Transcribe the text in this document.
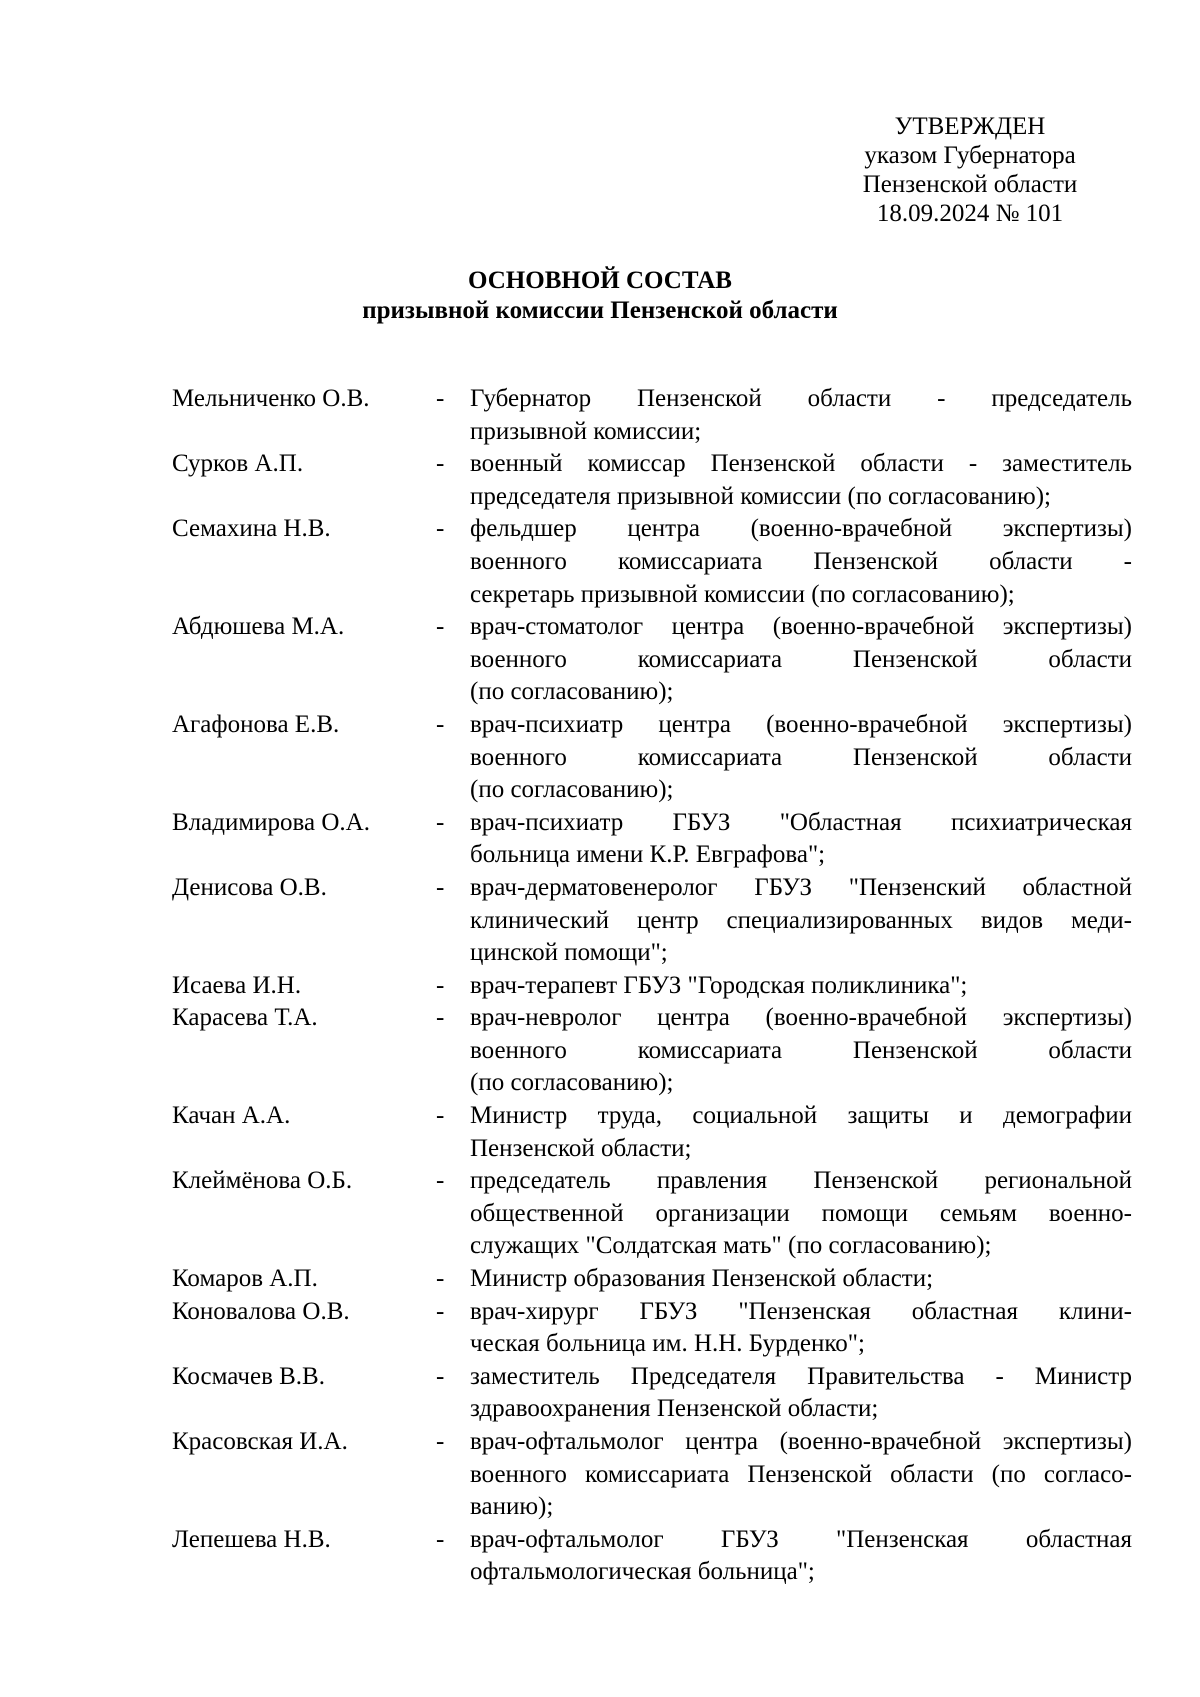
УТВЕРЖДЕН
указом Губернатора
Пензенской области
18.09.2024 № 101
ОСНОВНОЙ СОСТАВ
призывной комиссии Пензенской области
Мельниченко О.В.	-	Губернатор Пензенской области - председатель
призывной комиссии;
Сурков А.П.	-	военный комиссар Пензенской области - заместитель
председателя призывной комиссии (по согласованию);
Семахина Н.В.	-	фельдшер центра (военно-врачебной экспертизы)
военного комиссариата Пензенской области -
секретарь призывной комиссии (по согласованию);
Абдюшева М.А.	-	врач-стоматолог центра (военно-врачебной экспертизы)
военного комиссариата Пензенской области
(по согласованию);
Агафонова Е.В.	-	врач-психиатр центра (военно-врачебной экспертизы)
военного комиссариата Пензенской области
(по согласованию);
Владимирова О.А.	-	врач-психиатр ГБУЗ "Областная психиатрическая
больница имени К.Р. Евграфова";
Денисова О.В.	-	врач-дерматовенеролог ГБУЗ "Пензенский областной
клинический центр специализированных видов меди-
цинской помощи";
Исаева И.Н.	-	врач-терапевт ГБУЗ "Городская поликлиника";
Карасева Т.А.	-	врач-невролог центра (военно-врачебной экспертизы)
военного комиссариата Пензенской области
(по согласованию);
Качан А.А.	-	Министр труда, социальной защиты и демографии
Пензенской области;
Клеймёнова О.Б.	-	председатель правления Пензенской региональной
общественной организации помощи семьям военно-
служащих "Солдатская мать" (по согласованию);
Комаров А.П.	-	Министр образования Пензенской области;
Коновалова О.В.	-	врач-хирург ГБУЗ "Пензенская областная клини-
ческая больница им. Н.Н. Бурденко";
Космачев В.В.	-	заместитель Председателя Правительства - Министр
здравоохранения Пензенской области;
Красовская И.А.	-	врач-офтальмолог центра (военно-врачебной экспертизы)
военного комиссариата Пензенской области (по согласо-
ванию);
Лепешева Н.В.	-	врач-офтальмолог ГБУЗ "Пензенская областная
офтальмологическая больница";
